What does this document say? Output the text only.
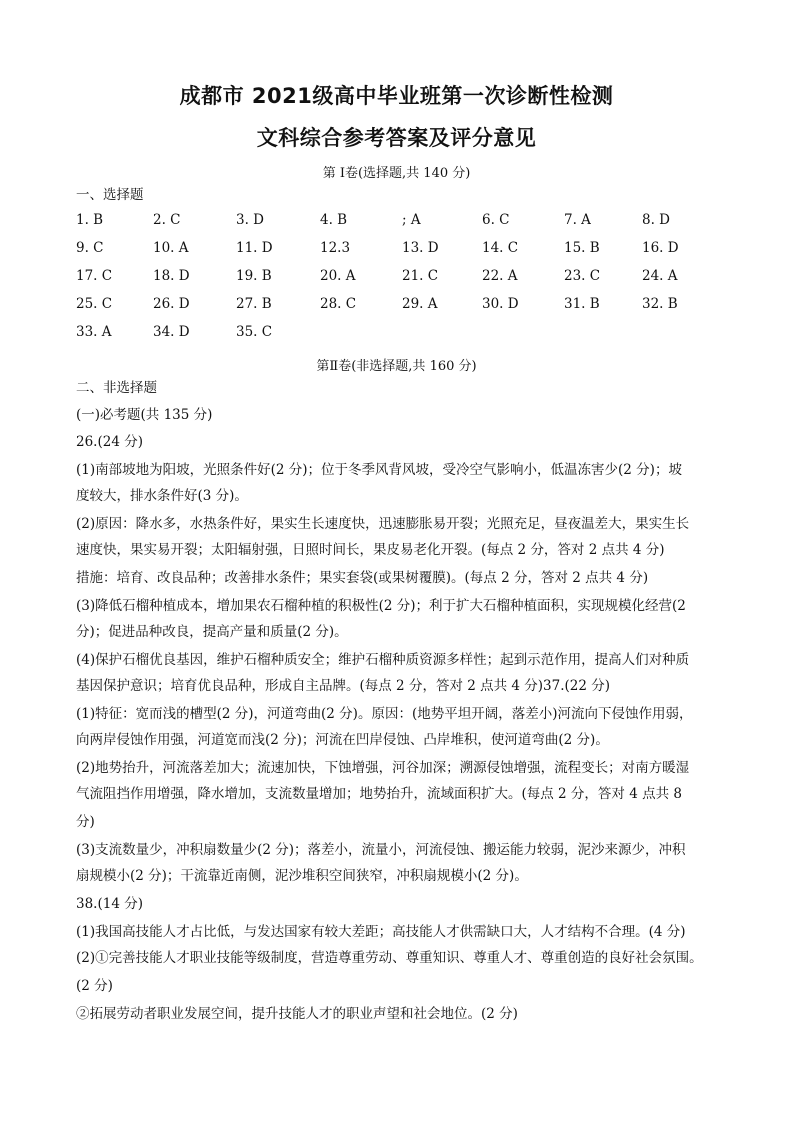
成都市 2021级高中毕业班第一次诊断性检测
文科综合参考答案及评分意见
第 Ⅰ卷(选择题,共 140 分)
一、选择题
1. B	2. C	3. D	4. B	; A	6. C	7. A	8. D
9. C	10. A	11. D	12.3	13. D	14. C	15. B	16. D
17. C	18. D	19. B	20. A	21. C	22. A	23. C	24. A
25. C	26. D	27. B	28. C	29. A	30. D	31. B	32. B
33. A	34. D	35. C
第Ⅱ卷(非选择题,共 160 分)
二、非选择题
(一)必考题(共 135 分)
26.(24 分)
(1)南部坡地为阳坡，光照条件好(2 分)；位于冬季风背风坡，受冷空气影响小，低温冻害少(2 分)；坡
度较大，排水条件好(3 分)。
(2)原因：降水多，水热条件好，果实生长速度快，迅速膨胀易开裂；光照充足，昼夜温差大，果实生长
速度快，果实易开裂；太阳辐射强，日照时间长，果皮易老化开裂。(每点 2 分，答对 2 点共 4 分)
措施：培育、改良品种；改善排水条件；果实套袋(或果树覆膜)。(每点 2 分，答对 2 点共 4 分)
(3)降低石榴种植成本，增加果农石榴种植的积极性(2 分)；利于扩大石榴种植面积，实现规模化经营(2
分)；促进品种改良，提高产量和质量(2 分)。
(4)保护石榴优良基因，维护石榴种质安全；维护石榴种质资源多样性；起到示范作用，提高人们对种质
基因保护意识；培育优良品种，形成自主品牌。(每点 2 分，答对 2 点共 4 分)37.(22 分)
(1)特征：宽而浅的槽型(2 分)，河道弯曲(2 分)。原因：(地势平坦开阔，落差小)河流向下侵蚀作用弱，
向两岸侵蚀作用强，河道宽而浅(2 分)；河流在凹岸侵蚀、凸岸堆积，使河道弯曲(2 分)。
(2)地势抬升，河流落差加大；流速加快，下蚀增强，河谷加深；溯源侵蚀增强，流程变长；对南方暖湿
气流阻挡作用增强，降水增加，支流数量增加；地势抬升，流域面积扩大。(每点 2 分，答对 4 点共 8
分)
(3)支流数量少，冲积扇数量少(2 分)；落差小，流量小，河流侵蚀、搬运能力较弱，泥沙来源少，冲积
扇规模小(2 分)；干流靠近南侧，泥沙堆积空间狭窄，冲积扇规模小(2 分)。
38.(14 分)
(1)我国高技能人才占比低，与发达国家有较大差距；高技能人才供需缺口大，人才结构不合理。(4 分)
(2)①完善技能人才职业技能等级制度，营造尊重劳动、尊重知识、尊重人才、尊重创造的良好社会氛围。
(2 分)
②拓展劳动者职业发展空间，提升技能人才的职业声望和社会地位。(2 分)
